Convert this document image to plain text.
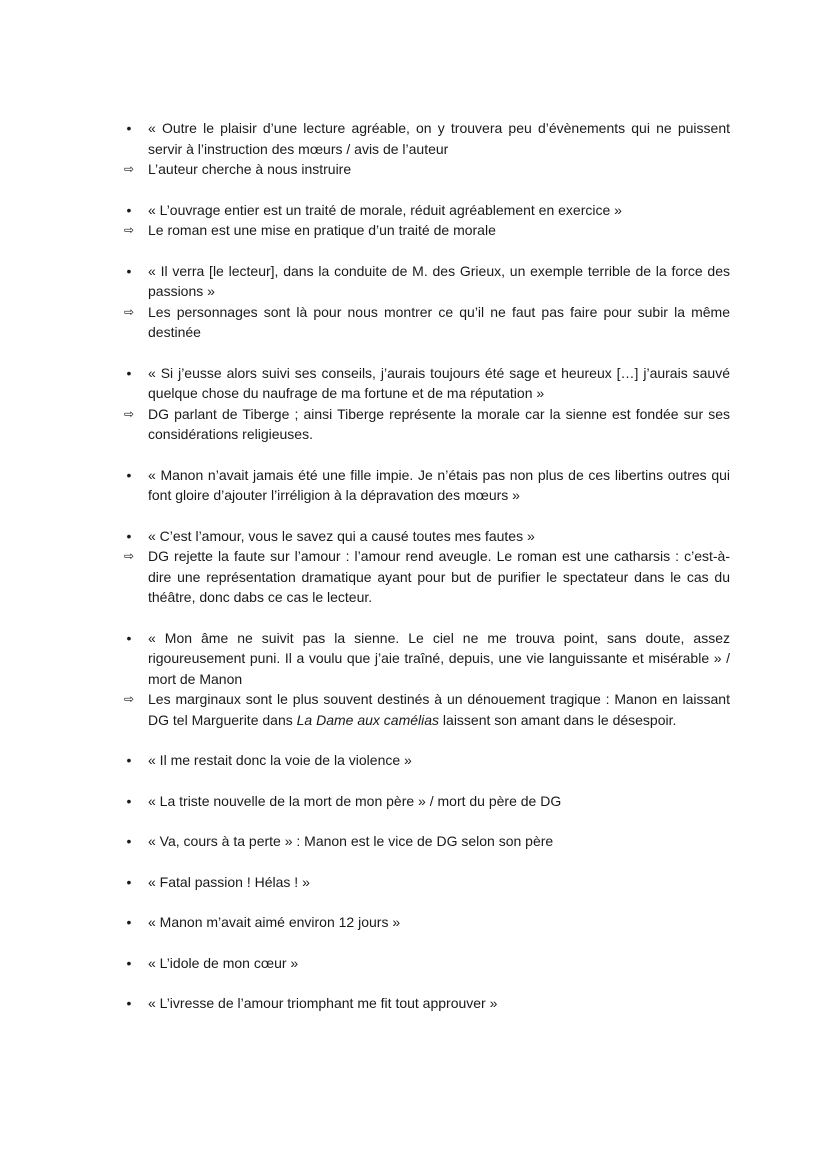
•	« Outre le plaisir d’une lecture agréable, on y trouvera peu d’évènements qui ne puissent servir à l’instruction des mœurs / avis de l’auteur
⇨ L’auteur cherche à nous instruire
•	« L’ouvrage entier est un traité de morale, réduit agréablement en exercice »
⇨ Le roman est une mise en pratique d’un traité de morale
•	« Il verra [le lecteur], dans la conduite de M. des Grieux, un exemple terrible de la force des passions »
⇨ Les personnages sont là pour nous montrer ce qu’il ne faut pas faire pour subir la même destinée
•	« Si j’eusse alors suivi ses conseils, j’aurais toujours été sage et heureux […] j’aurais sauvé quelque chose du naufrage de ma fortune et de ma réputation »
⇨ DG parlant de Tiberge ; ainsi Tiberge représente la morale car la sienne est fondée sur ses considérations religieuses.
•	« Manon n’avait jamais été une fille impie. Je n’étais pas non plus de ces libertins outres qui font gloire d’ajouter l’irréligion à la dépravation des mœurs »
•	« C’est l’amour, vous le savez qui a causé toutes mes fautes »
⇨ DG rejette la faute sur l’amour : l’amour rend aveugle. Le roman est une catharsis : c’est-à-dire une représentation dramatique ayant pour but de purifier le spectateur dans le cas du théâtre, donc dabs ce cas le lecteur.
•	« Mon âme ne suivit pas la sienne. Le ciel ne me trouva point, sans doute, assez rigoureusement puni. Il a voulu que j’aie traîné, depuis, une vie languissante et misérable » / mort de Manon
⇨ Les marginaux sont le plus souvent destinés à un dénouement tragique : Manon en laissant DG tel Marguerite dans La Dame aux camélias laissent son amant dans le désespoir.
•	« Il me restait donc la voie de la violence »
•	« La triste nouvelle de la mort de mon père » / mort du père de DG
•	« Va, cours à ta perte » : Manon est le vice de DG selon son père
•	« Fatal passion ! Hélas ! »
•	« Manon m’avait aimé environ 12 jours »
•	« L’idole de mon cœur »
•	« L’ivresse de l’amour triomphant me fit tout approuver »
